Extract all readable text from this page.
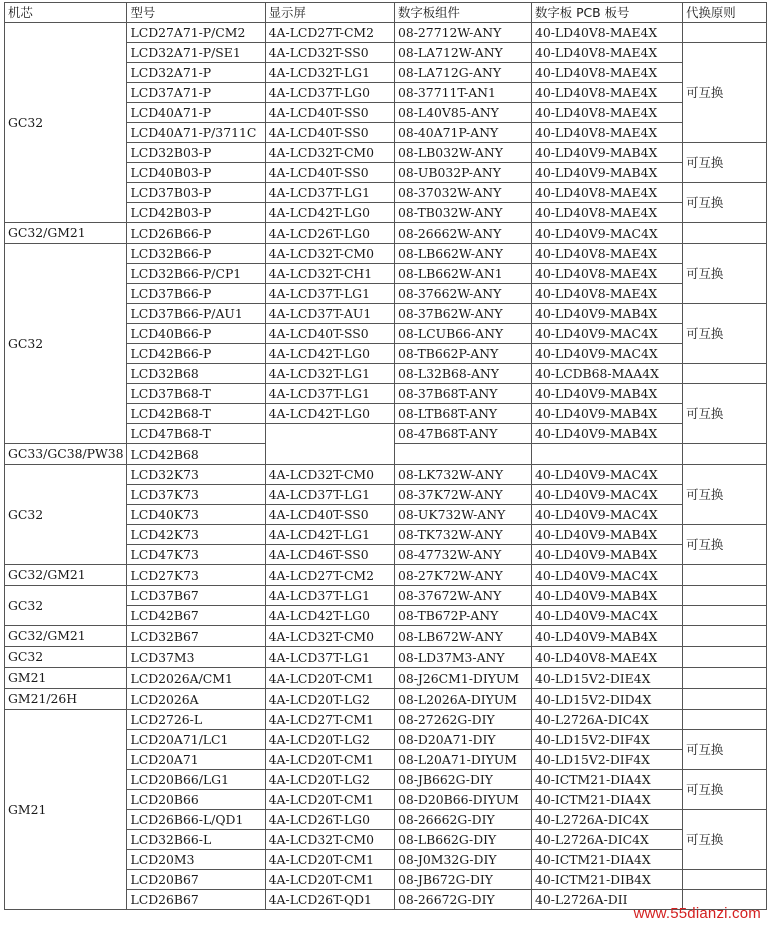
机芯	型号	显示屏	数字板组件	数字板 PCB 板号	代换原则
GC32	LCD27A71-P/CM2	4A-LCD27T-CM2	08-27712W-ANY	40-LD40V8-MAE4X	
	LCD32A71-P/SE1	4A-LCD32T-SS0	08-LA712W-ANY	40-LD40V8-MAE4X	可互换
	LCD32A71-P	4A-LCD32T-LG1	08-LA712G-ANY	40-LD40V8-MAE4X	
	LCD37A71-P	4A-LCD37T-LG0	08-37711T-AN1	40-LD40V8-MAE4X	
	LCD40A71-P	4A-LCD40T-SS0	08-L40V85-ANY	40-LD40V8-MAE4X	
	LCD40A71-P/3711C	4A-LCD40T-SS0	08-40A71P-ANY	40-LD40V8-MAE4X	
	LCD32B03-P	4A-LCD32T-CM0	08-LB032W-ANY	40-LD40V9-MAB4X	可互换
	LCD40B03-P	4A-LCD40T-SS0	08-UB032P-ANY	40-LD40V9-MAB4X	
	LCD37B03-P	4A-LCD37T-LG1	08-37032W-ANY	40-LD40V8-MAE4X	可互换
	LCD42B03-P	4A-LCD42T-LG0	08-TB032W-ANY	40-LD40V8-MAE4X	
GC32/GM21	LCD26B66-P	4A-LCD26T-LG0	08-26662W-ANY	40-LD40V9-MAC4X	
GC32	LCD32B66-P	4A-LCD32T-CM0	08-LB662W-ANY	40-LD40V8-MAE4X	可互换
	LCD32B66-P/CP1	4A-LCD32T-CH1	08-LB662W-AN1	40-LD40V8-MAE4X	
	LCD37B66-P	4A-LCD37T-LG1	08-37662W-ANY	40-LD40V8-MAE4X	
	LCD37B66-P/AU1	4A-LCD37T-AU1	08-37B62W-ANY	40-LD40V9-MAB4X	可互换
	LCD40B66-P	4A-LCD40T-SS0	08-LCUB66-ANY	40-LD40V9-MAC4X	
	LCD42B66-P	4A-LCD42T-LG0	08-TB662P-ANY	40-LD40V9-MAC4X	
	LCD32B68	4A-LCD32T-LG1	08-L32B68-ANY	40-LCDB68-MAA4X	
	LCD37B68-T	4A-LCD37T-LG1	08-37B68T-ANY	40-LD40V9-MAB4X	可互换
	LCD42B68-T	4A-LCD42T-LG0	08-LTB68T-ANY	40-LD40V9-MAB4X	
	LCD47B68-T		08-47B68T-ANY	40-LD40V9-MAB4X	
GC33/GC38/PW38	LCD42B68				
GC32	LCD32K73	4A-LCD32T-CM0	08-LK732W-ANY	40-LD40V9-MAC4X	可互换
	LCD37K73	4A-LCD37T-LG1	08-37K72W-ANY	40-LD40V9-MAC4X	
	LCD40K73	4A-LCD40T-SS0	08-UK732W-ANY	40-LD40V9-MAC4X	
	LCD42K73	4A-LCD42T-LG1	08-TK732W-ANY	40-LD40V9-MAB4X	可互换
	LCD47K73	4A-LCD46T-SS0	08-47732W-ANY	40-LD40V9-MAB4X	
GC32/GM21	LCD27K73	4A-LCD27T-CM2	08-27K72W-ANY	40-LD40V9-MAC4X	
GC32	LCD37B67	4A-LCD37T-LG1	08-37672W-ANY	40-LD40V9-MAB4X	
	LCD42B67	4A-LCD42T-LG0	08-TB672P-ANY	40-LD40V9-MAC4X	
GC32/GM21	LCD32B67	4A-LCD32T-CM0	08-LB672W-ANY	40-LD40V9-MAB4X	
GC32	LCD37M3	4A-LCD37T-LG1	08-LD37M3-ANY	40-LD40V8-MAE4X	
GM21	LCD2026A/CM1	4A-LCD20T-CM1	08-J26CM1-DIYUM	40-LD15V2-DIE4X	
GM21/26H	LCD2026A	4A-LCD20T-LG2	08-L2026A-DIYUM	40-LD15V2-DID4X	
GM21	LCD2726-L	4A-LCD27T-CM1	08-27262G-DIY	40-L2726A-DIC4X	
	LCD20A71/LC1	4A-LCD20T-LG2	08-D20A71-DIY	40-LD15V2-DIF4X	可互换
	LCD20A71	4A-LCD20T-CM1	08-L20A71-DIYUM	40-LD15V2-DIF4X	
	LCD20B66/LG1	4A-LCD20T-LG2	08-JB662G-DIY	40-ICTM21-DIA4X	可互换
	LCD20B66	4A-LCD20T-CM1	08-D20B66-DIYUM	40-ICTM21-DIA4X	
	LCD26B66-L/QD1	4A-LCD26T-LG0	08-26662G-DIY	40-L2726A-DIC4X	可互换
	LCD32B66-L	4A-LCD32T-CM0	08-LB662G-DIY	40-L2726A-DIC4X	
	LCD20M3	4A-LCD20T-CM1	08-J0M32G-DIY	40-ICTM21-DIA4X	
	LCD20B67	4A-LCD20T-CM1	08-JB672G-DIY	40-ICTM21-DIB4X	
	LCD26B67	4A-LCD26T-QD1	08-26672G-DIY	40-L2726A-DII	
www.55dianzi.com
